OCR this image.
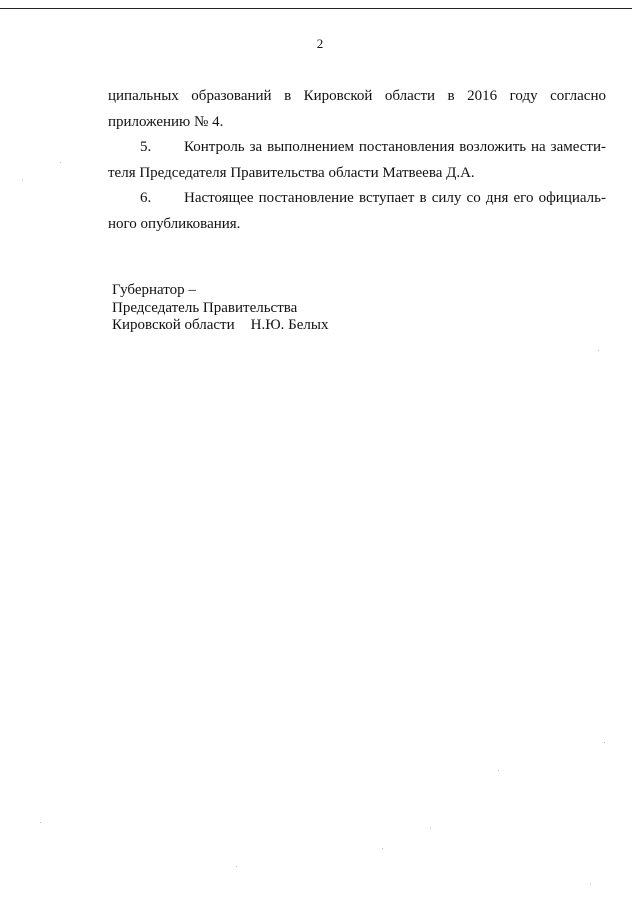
2

ципальных образований в Кировской области в 2016 году согласно

приложению № 4.

5. Контроль за выполнением постановления возложить на замести-

теля Председателя Правительства области Матвеева Д.А.

6. Настоящее постановление вступает в силу со дня его официаль-

ного опубликования.

Губернатор –
Председатель Правительства
Кировской области Н.Ю. Белых
